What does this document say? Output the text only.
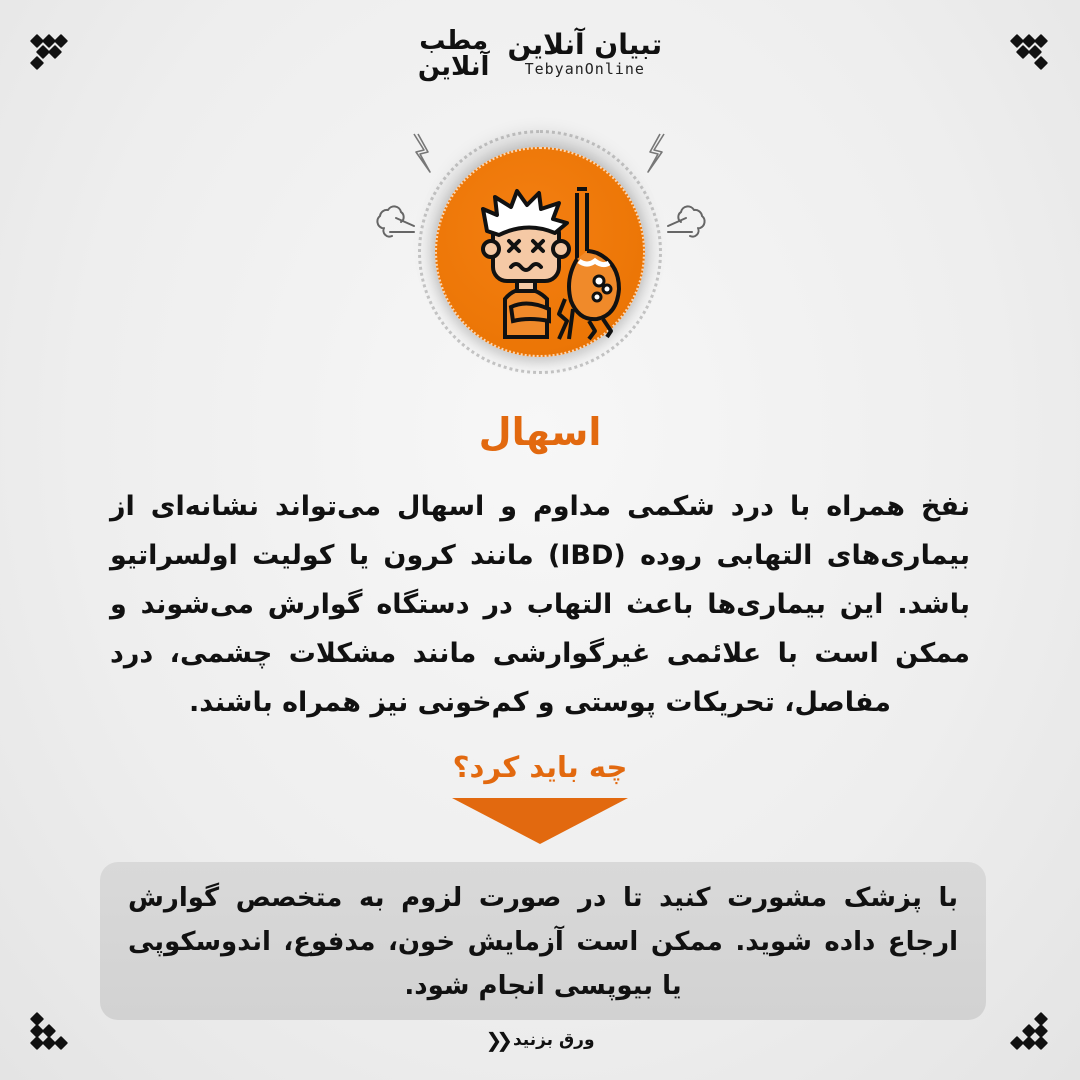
مطب
آنلاین
تبیان آنلاین
TebyanOnline
اسهال
نفخ همراه با درد شکمی مداوم و اسهال می‌تواند نشانه‌ای از بیماری‌های التهابی روده (IBD) مانند کرون یا کولیت اولسراتیو باشد. این بیماری‌ها باعث التهاب در دستگاه گوارش می‌شوند و ممکن است با علائمی غیرگوارشی مانند مشکلات چشمی، درد مفاصل، تحریکات پوستی و کم‌خونی نیز همراه باشند.
چه باید کرد؟
با پزشک مشورت کنید تا در صورت لزوم به متخصص گوارش ارجاع داده شوید. ممکن است آزمایش خون، مدفوع، اندوسکوپی یا بیوپسی انجام شود.
ورق بزنید
❮❮
